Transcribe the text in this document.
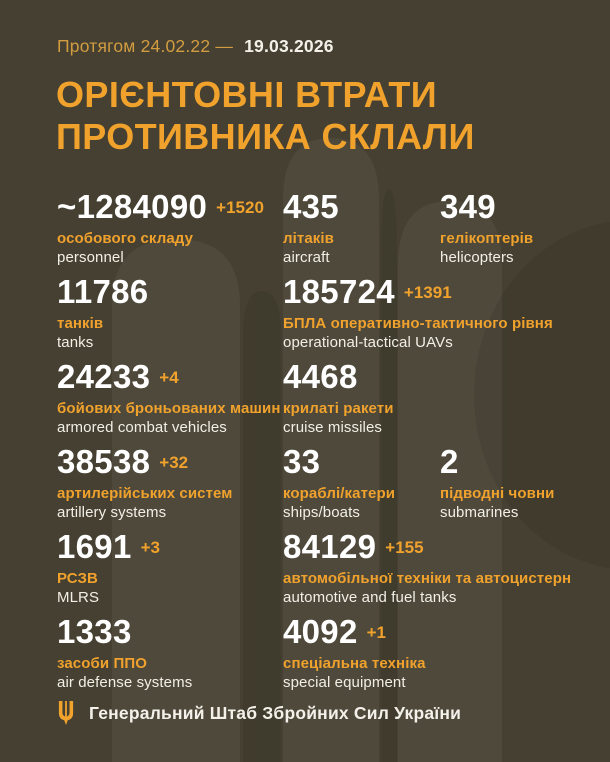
Протягом 24.02.22 — 19.03.2026
ОРІЄНТОВНІ ВТРАТИ
ПРОТИВНИКА СКЛАЛИ
~1284090 +1520
особового складу
personnel
435
літаків
aircraft
349
гелікоптерів
helicopters
11786
танків
tanks
185724 +1391
БПЛА оперативно-тактичного рівня
operational-tactical UAVs
24233 +4
бойових броньованих машин
armored combat vehicles
4468
крилаті ракети
cruise missiles
38538 +32
артилерійських систем
artillery systems
33
кораблі/катери
ships/boats
2
підводні човни
submarines
1691 +3
РСЗВ
MLRS
84129 +155
автомобільної техніки та автоцистерн
automotive and fuel tanks
1333
засоби ППО
air defense systems
4092 +1
спеціальна техніка
special equipment
Генеральний Штаб Збройних Сил України
